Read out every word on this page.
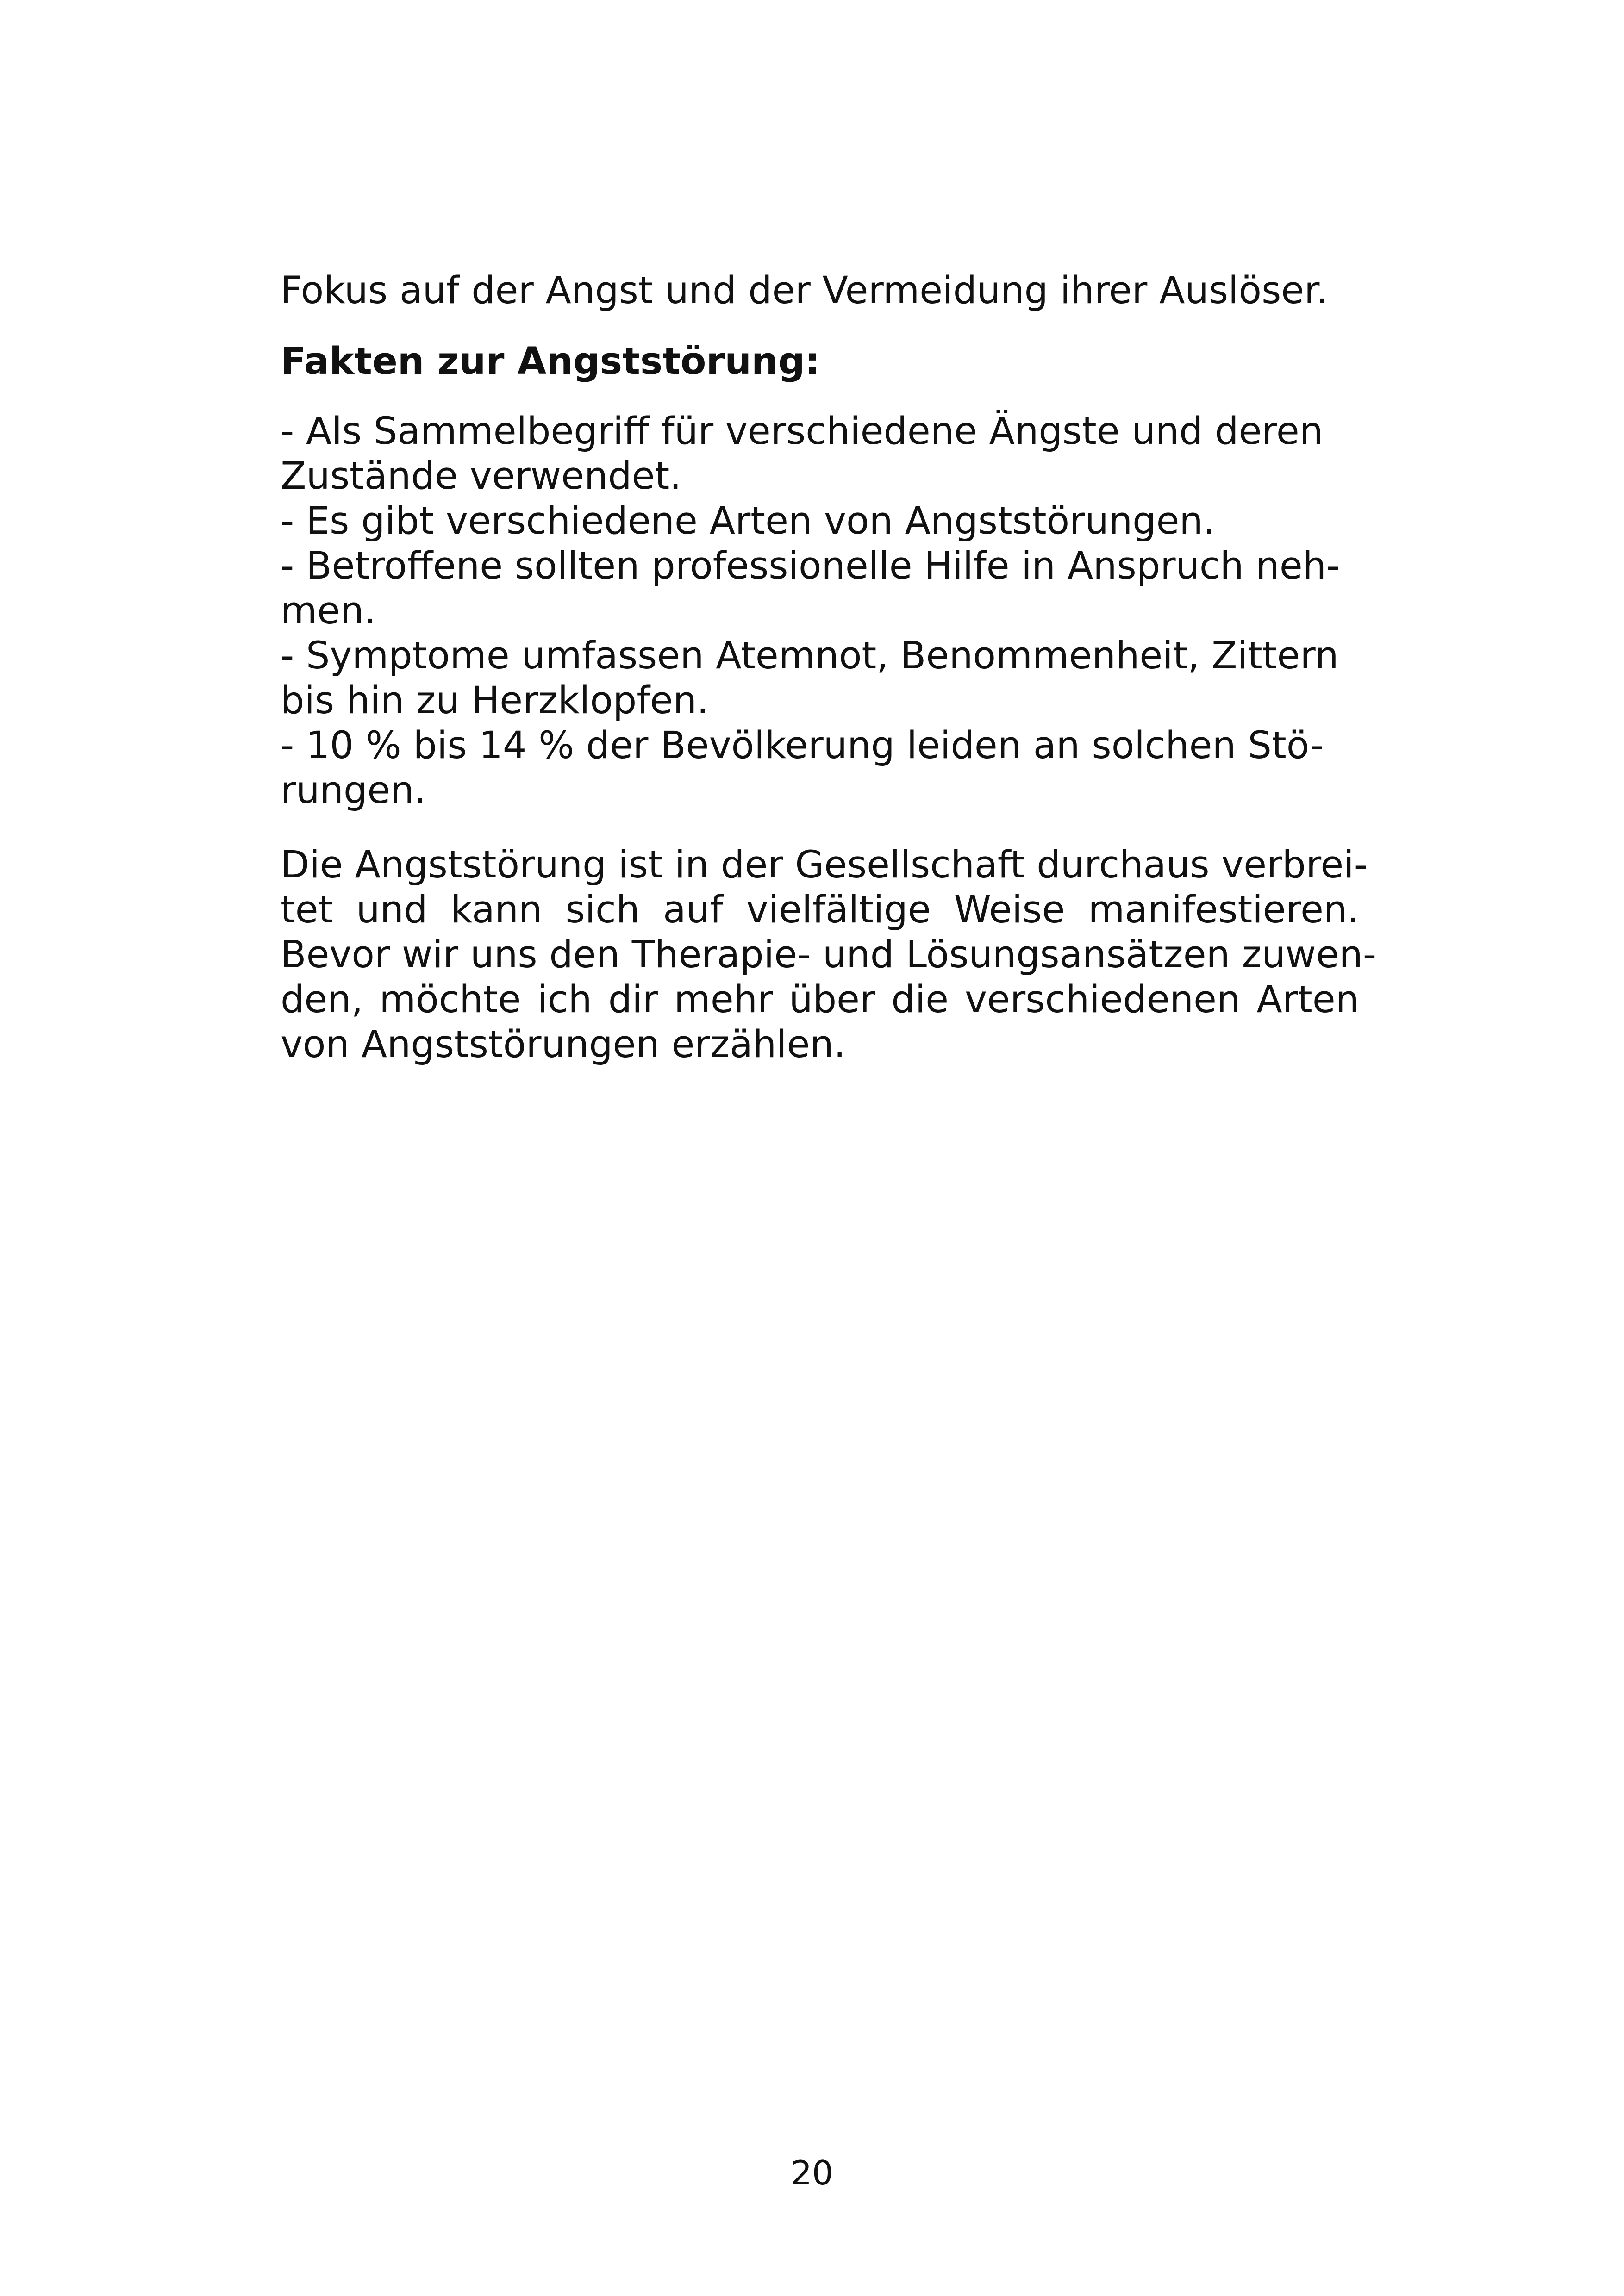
Fokus auf der Angst und der Vermeidung ihrer Auslöser.
Fakten zur Angststörung:
- Als Sammelbegriff für verschiedene Ängste und deren
Zustände verwendet.
- Es gibt verschiedene Arten von Angststörungen.
- Betroffene sollten professionelle Hilfe in Anspruch neh-
men.
- Symptome umfassen Atemnot, Benommenheit, Zittern
bis hin zu Herzklopfen.
- 10 % bis 14 % der Bevölkerung leiden an solchen Stö-
rungen.
Die Angststörung ist in der Gesellschaft durchaus verbrei-
tet und kann sich auf vielfältige Weise manifestieren.
Bevor wir uns den Therapie- und Lösungsansätzen zuwen-
den, möchte ich dir mehr über die verschiedenen Arten
von Angststörungen erzählen.
20
